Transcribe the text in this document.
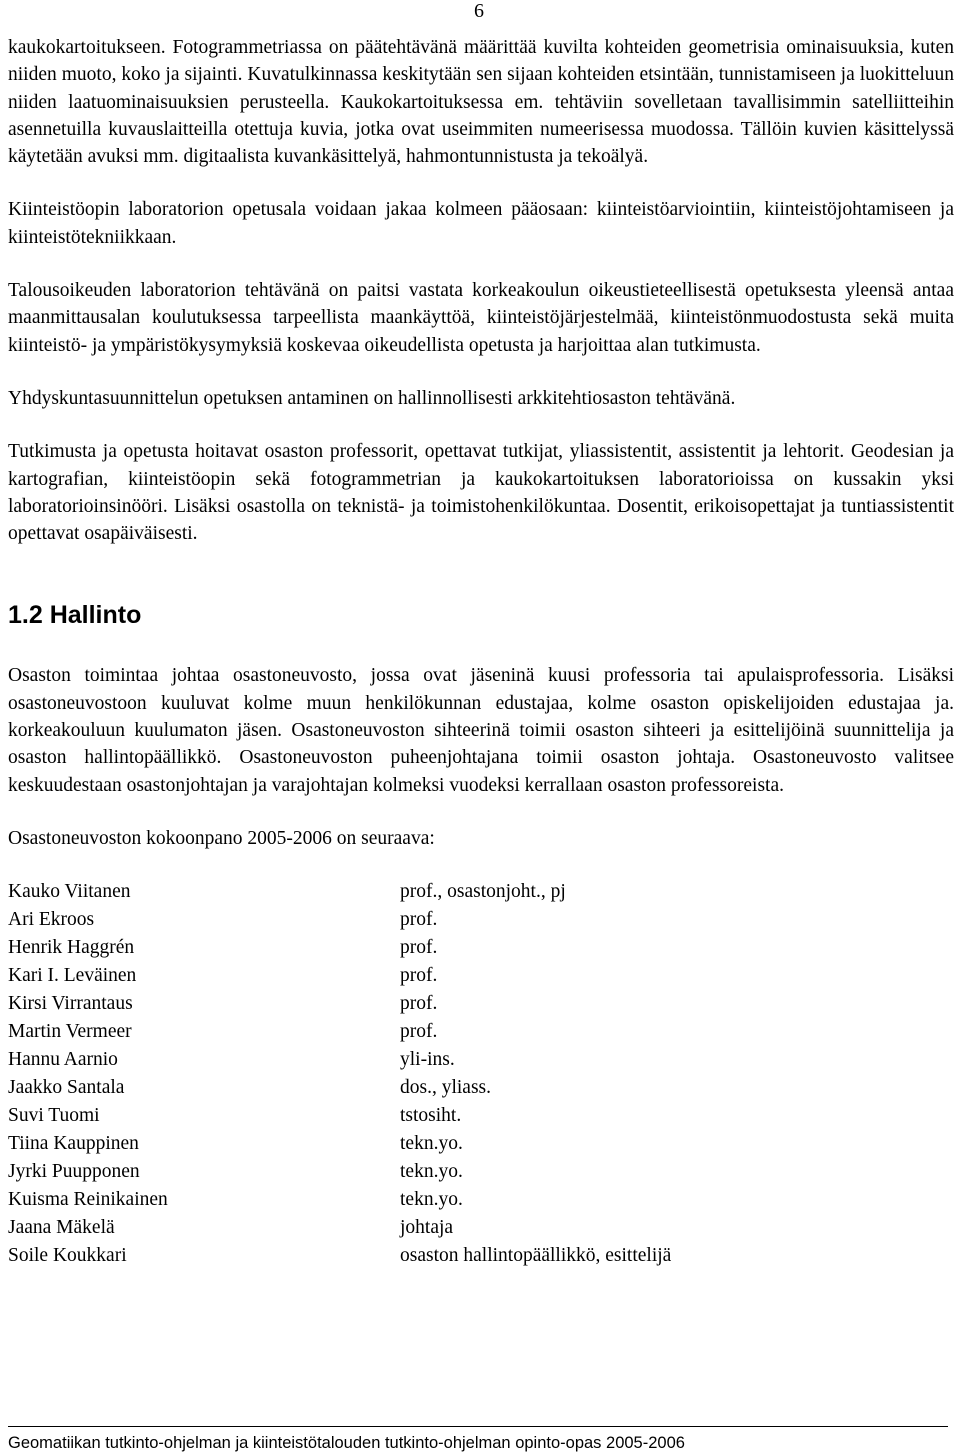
6

kaukokartoitukseen. Fotogrammetriassa on päätehtävänä määrittää kuvilta kohteiden geometrisia ominaisuuksia, kuten niiden muoto, koko ja sijainti. Kuvatulkinnassa keskitytään sen sijaan kohteiden etsintään, tunnistamiseen ja luokitteluun niiden laatuominaisuuksien perusteella. Kaukokartoituksessa em. tehtäviin sovelletaan tavallisimmin satelliitteihin asennetuilla kuvauslaitteilla otettuja kuvia, jotka ovat useimmiten numeerisessa muodossa. Tällöin kuvien käsittelyssä käytetään avuksi mm. digitaalista kuvankäsittelyä, hahmontunnistusta ja tekoälyä.

Kiinteistöopin laboratorion opetusala voidaan jakaa kolmeen pääosaan: kiinteistöarviointiin, kiinteistöjohtamiseen ja kiinteistötekniikkaan.

Talousoikeuden laboratorion tehtävänä on paitsi vastata korkeakoulun oikeustieteellisestä opetuksesta yleensä antaa maanmittausalan koulutuksessa tarpeellista maankäyttöä, kiinteistöjärjestelmää, kiinteistönmuodostusta sekä muita kiinteistö- ja ympäristökysymyksiä koskevaa oikeudellista opetusta ja harjoittaa alan tutkimusta.

Yhdyskuntasuunnittelun opetuksen antaminen on hallinnollisesti arkkitehtiosaston tehtävänä.

Tutkimusta ja opetusta hoitavat osaston professorit, opettavat tutkijat, yliassistentit, assistentit ja lehtorit. Geodesian ja kartografian, kiinteistöopin sekä fotogrammetrian ja kaukokartoituksen laboratorioissa on kussakin yksi laboratorioinsinööri. Lisäksi osastolla on teknistä- ja toimistohenkilökuntaa. Dosentit, erikoisopettajat ja tuntiassistentit opettavat osapäiväisesti.

1.2 Hallinto

Osaston toimintaa johtaa osastoneuvosto, jossa ovat jäseninä kuusi professoria tai apulaisprofessoria. Lisäksi osastoneuvostoon kuuluvat kolme muun henkilökunnan edustajaa, kolme osaston opiskelijoiden edustajaa ja. korkeakouluun kuulumaton jäsen. Osastoneuvoston sihteerinä toimii osaston sihteeri ja esittelijöinä suunnittelija ja osaston hallintopäällikkö. Osastoneuvoston puheenjohtajana toimii osaston johtaja. Osastoneuvosto valitsee keskuudestaan osastonjohtajan ja varajohtajan kolmeksi vuodeksi kerrallaan osaston professoreista.

Osastoneuvoston kokoonpano 2005-2006 on seuraava:

Kauko Viitanen	prof., osastonjoht., pj
Ari Ekroos	prof.
Henrik Haggrén	prof.
Kari I. Leväinen	prof.
Kirsi Virrantaus	prof.
Martin Vermeer	prof.
Hannu Aarnio	yli-ins.
Jaakko Santala	dos., yliass.
Suvi Tuomi	tstosiht.
Tiina Kauppinen	tekn.yo.
Jyrki Puupponen	tekn.yo.
Kuisma Reinikainen	tekn.yo.
Jaana Mäkelä	johtaja
Soile Koukkari	osaston hallintopäällikkö, esittelijä
Geomatiikan tutkinto-ohjelman ja kiinteistötalouden tutkinto-ohjelman opinto-opas 2005-2006
